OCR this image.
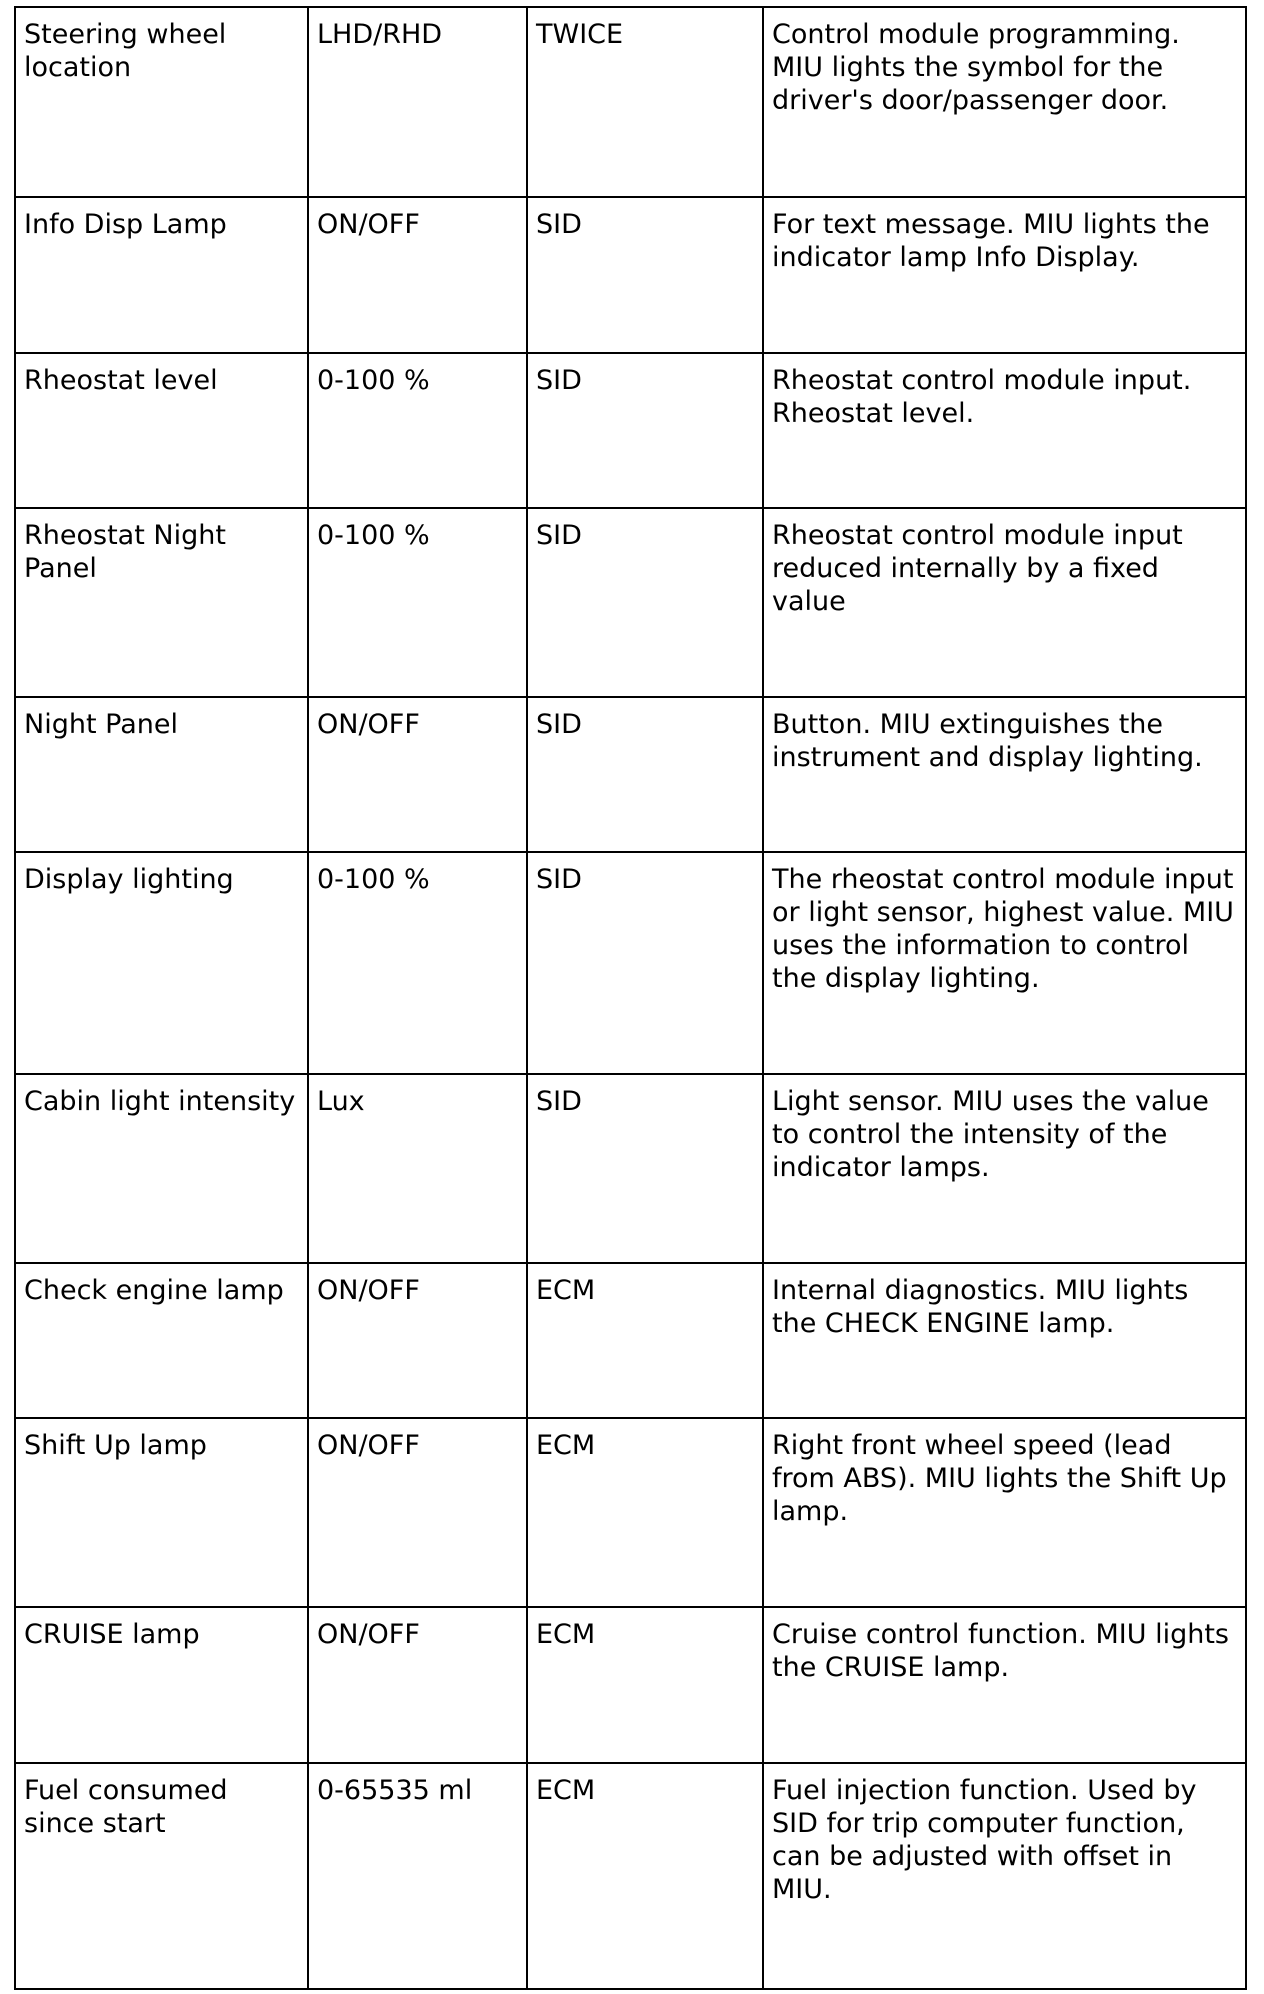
Steering wheel location	LHD/RHD	TWICE	Control module programming. MIU lights the symbol for the driver's door/passenger door.
Info Disp Lamp	ON/OFF	SID	For text message. MIU lights the indicator lamp Info Display.
Rheostat level	0-100 %	SID	Rheostat control module input. Rheostat level.
Rheostat Night Panel	0-100 %	SID	Rheostat control module input reduced internally by a fixed value
Night Panel	ON/OFF	SID	Button. MIU extinguishes the instrument and display lighting.
Display lighting	0-100 %	SID	The rheostat control module input or light sensor, highest value. MIU uses the information to control the display lighting.
Cabin light intensity	Lux	SID	Light sensor. MIU uses the value to control the intensity of the indicator lamps.
Check engine lamp	ON/OFF	ECM	Internal diagnostics. MIU lights the CHECK ENGINE lamp.
Shift Up lamp	ON/OFF	ECM	Right front wheel speed (lead from ABS). MIU lights the Shift Up lamp.
CRUISE lamp	ON/OFF	ECM	Cruise control function. MIU lights the CRUISE lamp.
Fuel consumed since start	0-65535 ml	ECM	Fuel injection function. Used by SID for trip computer function, can be adjusted with offset in MIU.
